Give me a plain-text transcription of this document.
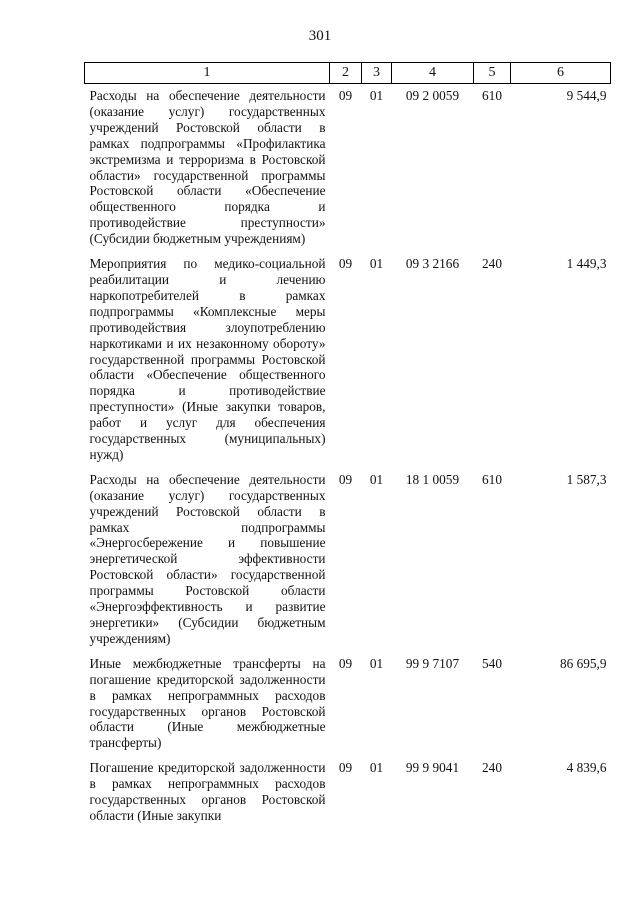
301
1	2	3	4	5	6
Расходы на обеспечение деятельности (оказание услуг) государственных учреждений Ростовской области в рамках подпрограммы «Профилактика экстремизма и терроризма в Ростовской области» государственной программы Ростовской области «Обеспечение общественного порядка и противодействие преступности» (Субсидии бюджетным учреждениям)	09	01	09 2 0059	610	9 544,9
Мероприятия по медико-социальной реабилитации и лечению наркопотребителей в рамках подпрограммы «Комплексные меры противодействия злоупотреблению наркотиками и их незаконному обороту» государственной программы Ростовской области «Обеспечение общественного порядка и противодействие преступности» (Иные закупки товаров, работ и услуг для обеспечения государственных (муниципальных) нужд)	09	01	09 3 2166	240	1 449,3
Расходы на обеспечение деятельности (оказание услуг) государственных учреждений Ростовской области в рамках подпрограммы «Энергосбережение и повышение энергетической эффективности Ростовской области» государственной программы Ростовской области «Энергоэффективность и развитие энергетики» (Субсидии бюджетным учреждениям)	09	01	18 1 0059	610	1 587,3
Иные межбюджетные трансферты на погашение кредиторской задолженности в рамках непрограммных расходов государственных органов Ростовской области (Иные межбюджетные трансферты)	09	01	99 9 7107	540	86 695,9
Погашение кредиторской задолженности в рамках непрограммных расходов государственных органов Ростовской области (Иные закупки	09	01	99 9 9041	240	4 839,6
